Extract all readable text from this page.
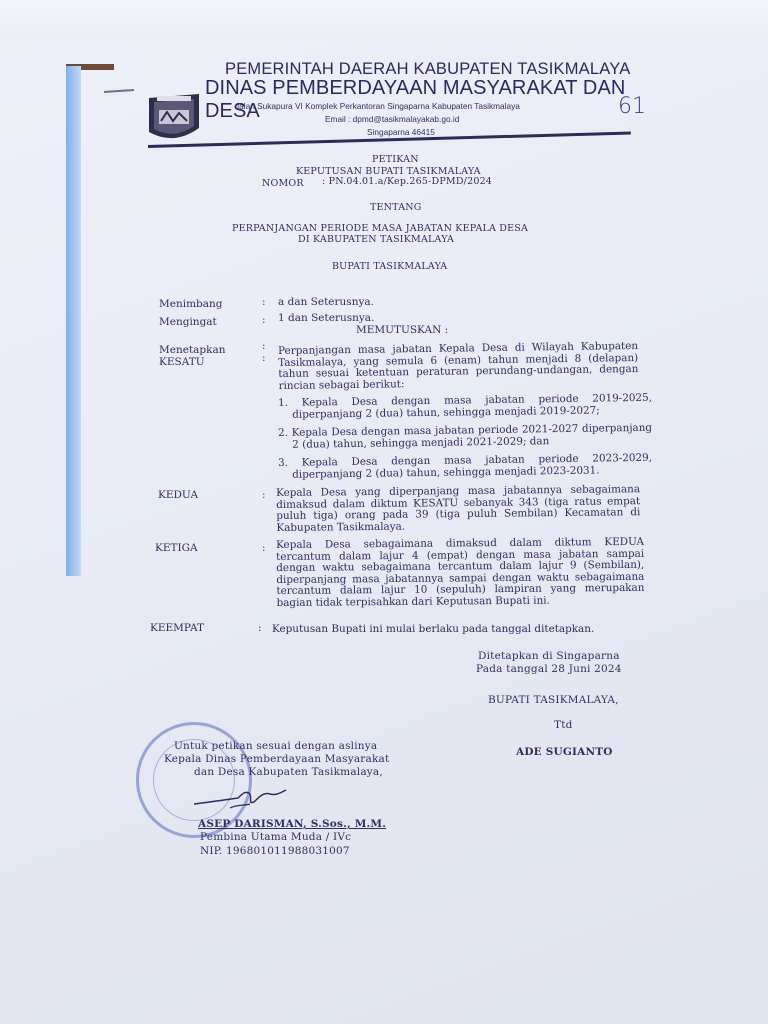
PEMERINTAH DAERAH KABUPATEN TASIKMALAYA
DINAS PEMBERDAYAAN MASYARAKAT DAN DESA
Jalan Sukapura VI Komplek Perkantoran Singaparna Kabupaten Tasikmalaya
Email : dpmd@tasikmalayakab.go.id
Singaparna 46415
61
PETIKAN
KEPUTUSAN BUPATI TASIKMALAYA
NOMOR : PN.04.01.a/Kep.265-DPMD/2024
TENTANG
PERPANJANGAN PERIODE MASA JABATAN KEPALA DESA
DI KABUPATEN TASIKMALAYA
BUPATI TASIKMALAYA
Menimbang	: a dan Seterusnya.
Mengingat	: 1 dan Seterusnya.
MEMUTUSKAN :
Menetapkan	:
KESATU	:
Perpanjangan masa jabatan Kepala Desa di Wilayah Kabupaten Tasikmalaya, yang semula 6 (enam) tahun menjadi 8 (delapan) tahun sesuai ketentuan peraturan perundang-undangan, dengan rincian sebagai berikut:
1. Kepala Desa dengan masa jabatan periode 2019-2025, diperpanjang 2 (dua) tahun, sehingga menjadi 2019-2027;
2. Kepala Desa dengan masa jabatan periode 2021-2027 diperpanjang 2 (dua) tahun, sehingga menjadi 2021-2029; dan
3. Kepala Desa dengan masa jabatan periode 2023-2029, diperpanjang 2 (dua) tahun, sehingga menjadi 2023-2031.
KEDUA	: Kepala Desa yang diperpanjang masa jabatannya sebagaimana dimaksud dalam diktum KESATU sebanyak 343 (tiga ratus empat puluh tiga) orang pada 39 (tiga puluh Sembilan) Kecamatan di Kabupaten Tasikmalaya.
KETIGA	: Kepala Desa sebagaimana dimaksud dalam diktum KEDUA tercantum dalam lajur 4 (empat) dengan masa jabatan sampai dengan waktu sebagaimana tercantum dalam lajur 9 (Sembilan), diperpanjang masa jabatannya sampai dengan waktu sebagaimana tercantum dalam lajur 10 (sepuluh) lampiran yang merupakan bagian tidak terpisahkan dari Keputusan Bupati ini.
KEEMPAT	: Keputusan Bupati ini mulai berlaku pada tanggal ditetapkan.
Ditetapkan di Singaparna
Pada tanggal 28 Juni 2024
BUPATI TASIKMALAYA,
Ttd
ADE SUGIANTO
Untuk petikan sesuai dengan aslinya
Kepala Dinas Pemberdayaan Masyarakat
dan Desa Kabupaten Tasikmalaya,
ASEP DARISMAN, S.Sos., M.M.
Pembina Utama Muda / IVc
NIP. 196801011988031007
